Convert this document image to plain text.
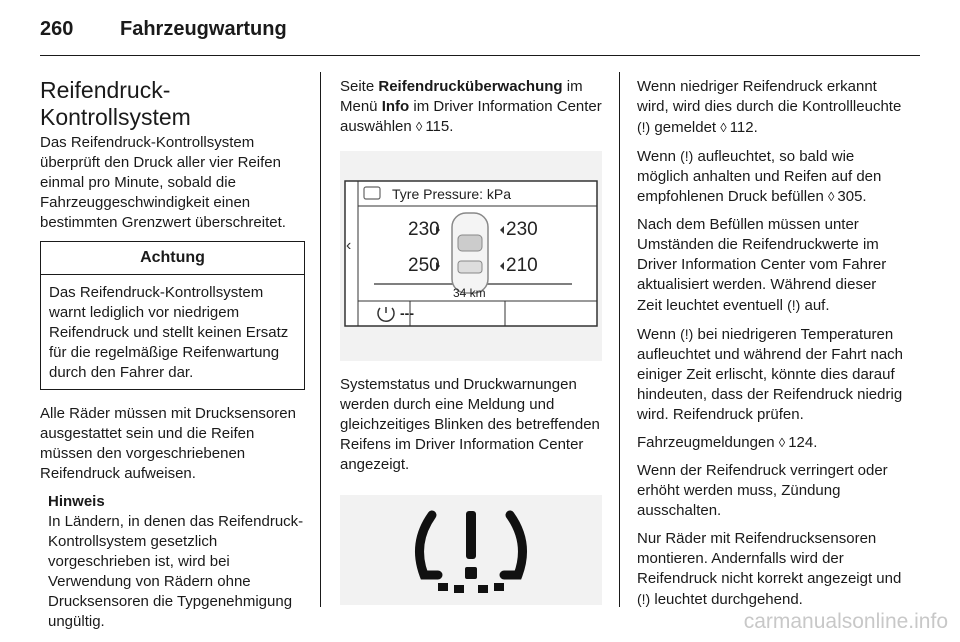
260 Fahrzeugwartung
Reifendruck-
Kontrollsystem

Das Reifendruck-Kontrollsystem überprüft den Druck aller vier Reifen einmal pro Minute, sobald die Fahrzeuggeschwindigkeit einen bestimmten Grenzwert überschreitet.

Achtung
Das Reifendruck-Kontrollsystem warnt lediglich vor niedrigem Reifendruck und stellt keinen Ersatz für die regelmäßige Reifenwartung durch den Fahrer dar.

Alle Räder müssen mit Drucksensoren ausgestattet sein und die Reifen müssen den vorgeschriebenen Reifendruck aufweisen.

Hinweis
In Ländern, in denen das Reifendruck-Kontrollsystem gesetzlich vorgeschrieben ist, wird bei Verwendung von Rädern ohne Drucksensoren die Typgenehmigung ungültig.

Seite Reifendrucküberwachung im Menü Info im Driver Information Center auswählen ◊ 115.

‹
Tyre Pressure: kPa
230	230
250	210
34 km
---

Systemstatus und Druckwarnungen werden durch eine Meldung und gleichzeitiges Blinken des betreffenden Reifens im Driver Information Center angezeigt.

Wenn niedriger Reifendruck erkannt wird, wird dies durch die Kontrollleuchte (!) gemeldet ◊ 112.

Wenn (!) aufleuchtet, so bald wie möglich anhalten und Reifen auf den empfohlenen Druck befüllen ◊ 305.

Nach dem Befüllen müssen unter Umständen die Reifendruckwerte im Driver Information Center vom Fahrer aktualisiert werden. Während dieser Zeit leuchtet eventuell (!) auf.

Wenn (!) bei niedrigeren Temperaturen aufleuchtet und während der Fahrt nach einiger Zeit erlischt, könnte dies darauf hindeuten, dass der Reifendruck niedrig wird. Reifendruck prüfen.

Fahrzeugmeldungen ◊ 124.

Wenn der Reifendruck verringert oder erhöht werden muss, Zündung ausschalten.

Nur Räder mit Reifendrucksensoren montieren. Andernfalls wird der Reifendruck nicht korrekt angezeigt und (!) leuchtet durchgehend.

carmanualsonline.info
